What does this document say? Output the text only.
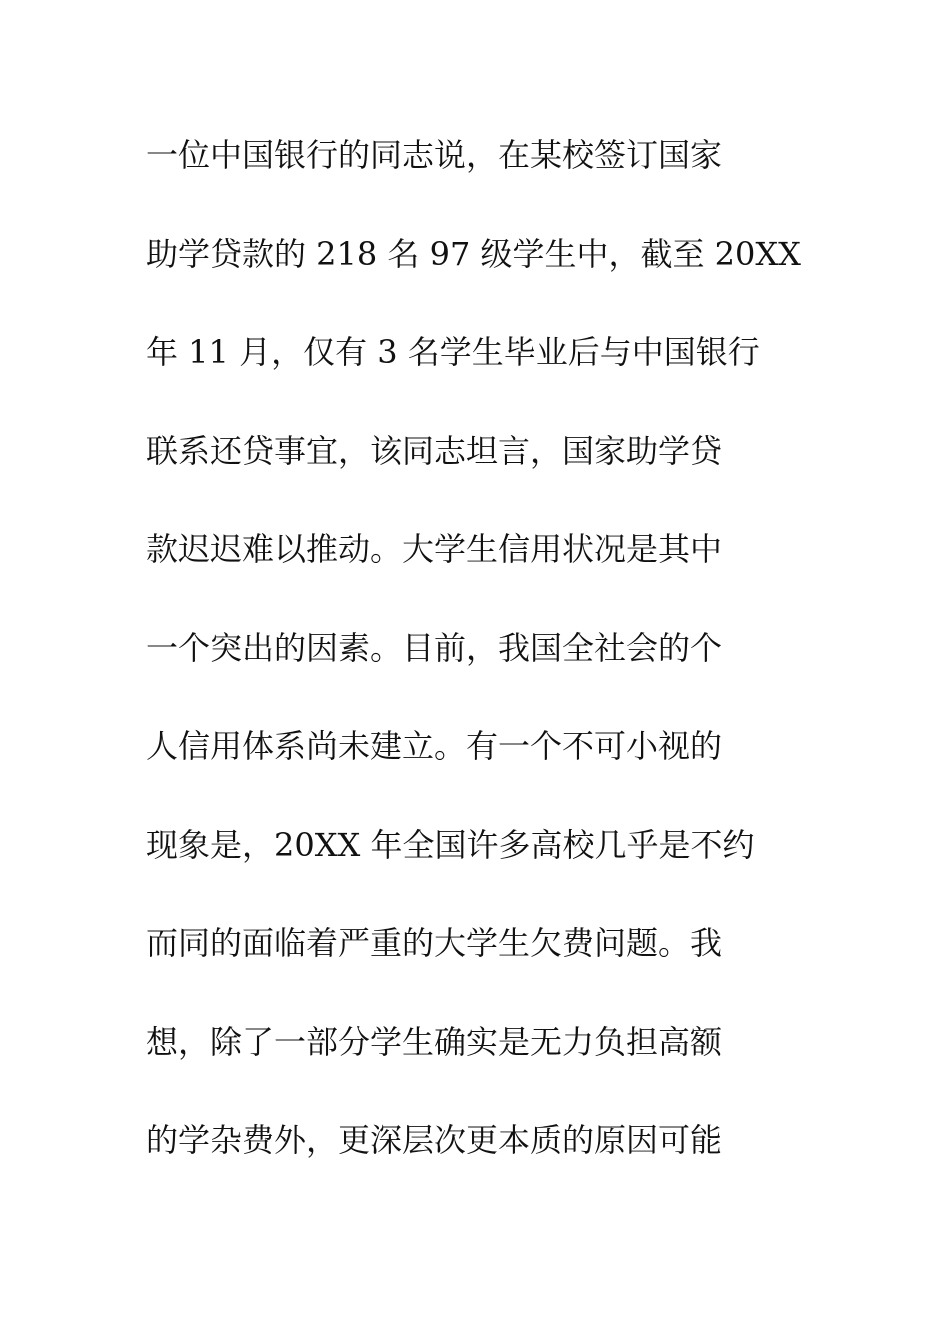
一位中国银行的同志说，在某校签订国家
助学贷款的 218 名 97 级学生中，截至 20XX
年 11 月，仅有 3 名学生毕业后与中国银行
联系还贷事宜，该同志坦言，国家助学贷
款迟迟难以推动。大学生信用状况是其中
一个突出的因素。目前，我国全社会的个
人信用体系尚未建立。有一个不可小视的
现象是，20XX 年全国许多高校几乎是不约
而同的面临着严重的大学生欠费问题。我
想，除了一部分学生确实是无力负担高额
的学杂费外，更深层次更本质的原因可能
